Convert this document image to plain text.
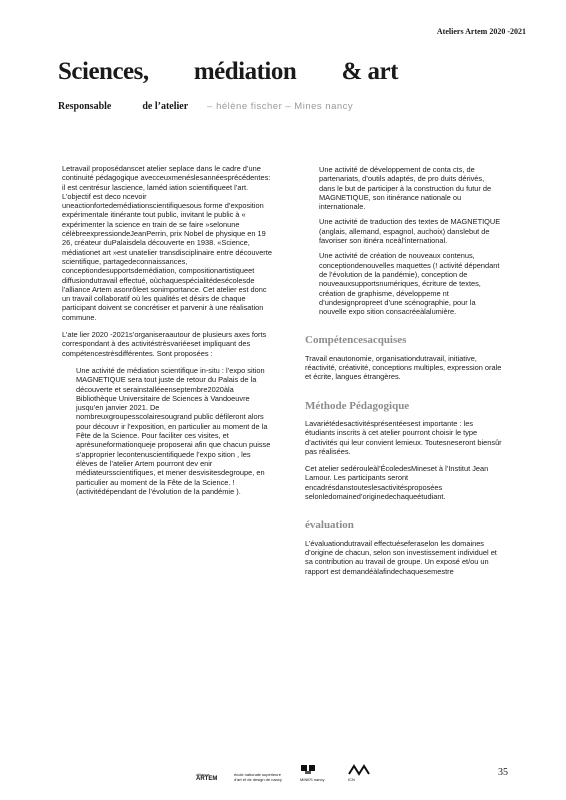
Ateliers Artem 2020 -2021
Sciences, médiation & art
Responsable	de l’atelier – hélène fischer – Mines nancy

Letravail proposédanscet atelier seplace dans le cadre d’une continuité pédagogique avecceuxmenéslesannéesprécédentes: il est centrésur lascience, laméd iation scientifiqueet l’art. L’objectif est deco ncevoir uneactionfortedemédiationscientifiquesous forme d’exposition expérimentale itinérante tout public, invitant le public à « expérimenter la science en train de se faire »selonune célèbreexpressiondeJeanPerrin, prix Nobel de physique en 19 26, créateur duPalaisdela découverte en 1938. «Science, médiationet art »est unatelier transdisciplinaire entre découverte scientifique, partagedeconnaissances, conceptiondesupportsdemédiation, compositionartistiqueet diffusiondutravail effectué, oùchaquespécialitédesécolesde l’alliance Artem asonrôleet sonimportance. Cet atelier est donc un travail collaboratif où les qualités et désirs de chaque participant doivent se concrétiser et parvenir à une réalisation commune.

L’ate lier 2020 -2021s’organiseraautour de plusieurs axes forts correspondant à des activitéstrèsvariéeset impliquant des compétencestrèsdifférentes. Sont proposées :

Une activité de médiation scientifique in-situ : l’expo sition MAGNETIQUE sera tout juste de retour du Palais de la découverte et serainstalléeenseptembre2020àla Bibliothèque Universitaire de Sciences à Vandoeuvre jusqu’en janvier 2021. De nombreuxgroupesscolairesougrand public défileront alors pour découvr ir l’exposition, en particulier au moment de la Fête de la Science. Pour faciliter ces visites, et aprèsuneformationqueje proposerai afin que chacun puisse s’approprier lecontenuscientifiquede l’expo sition , les élèves de l’atelier Artem pourront dev enir médiateursscientifiques, et mener desvisitesdegroupe, en particulier au moment de la Fête de la Science. ! (activitédépendant de l’évolution de la pandémie ).
Une activité de développement de conta cts, de partenariats, d’outils adaptés, de pro duits dérivés, dans le but de participer à la construction du futur de MAGNETIQUE, son itinérance nationale ou internationale.
Une activité de traduction des textes de MAGNETIQUE (anglais, allemand, espagnol, auchoix) danslebut de favoriser son itinéra nceàl’international.
Une activité de création de nouveaux contenus, conceptiondenouvelles maquettes (! activité dépendant de l’évolution de la pandémie), conception de nouveauxsupportsnumériques, écriture de textes, création de graphisme, développeme nt d’undesignpropreet d’une scénographie, pour la nouvelle expo sition consacréeàlalumière.
Compétencesacquises

Travail enautonomie, organisationdutravail, initiative, réactivité, créativité, conceptions multiples, expression orale et écrite, langues étrangères.

Méthode Pédagogique

Lavariétédesactivitésprésentéesest importante : les étudiants inscrits à cet atelier pourront choisir le type d’activités qui leur convient lemieux. Toutesneseront biensûr pas réalisées.

Cet atelier sedérouleàl’ÉcoledesMineset à l’Institut Jean Lamour. Les participants seront encadrésdanstouteslesactivitésproposées selonledomained’originedechaqueétudiant.

évaluation

L’évaluationdutravail effectuéseferaselon les domaines d’origine de chacun, selon son investissement individuel et sa contribution au travail de groupe. Un exposé et/ou un rapport est demandéàlafindechaquesemestre

alliance
ARTEM
école nationale supérieure d'art et de design de nancy	MINES nancy	ICN
35
